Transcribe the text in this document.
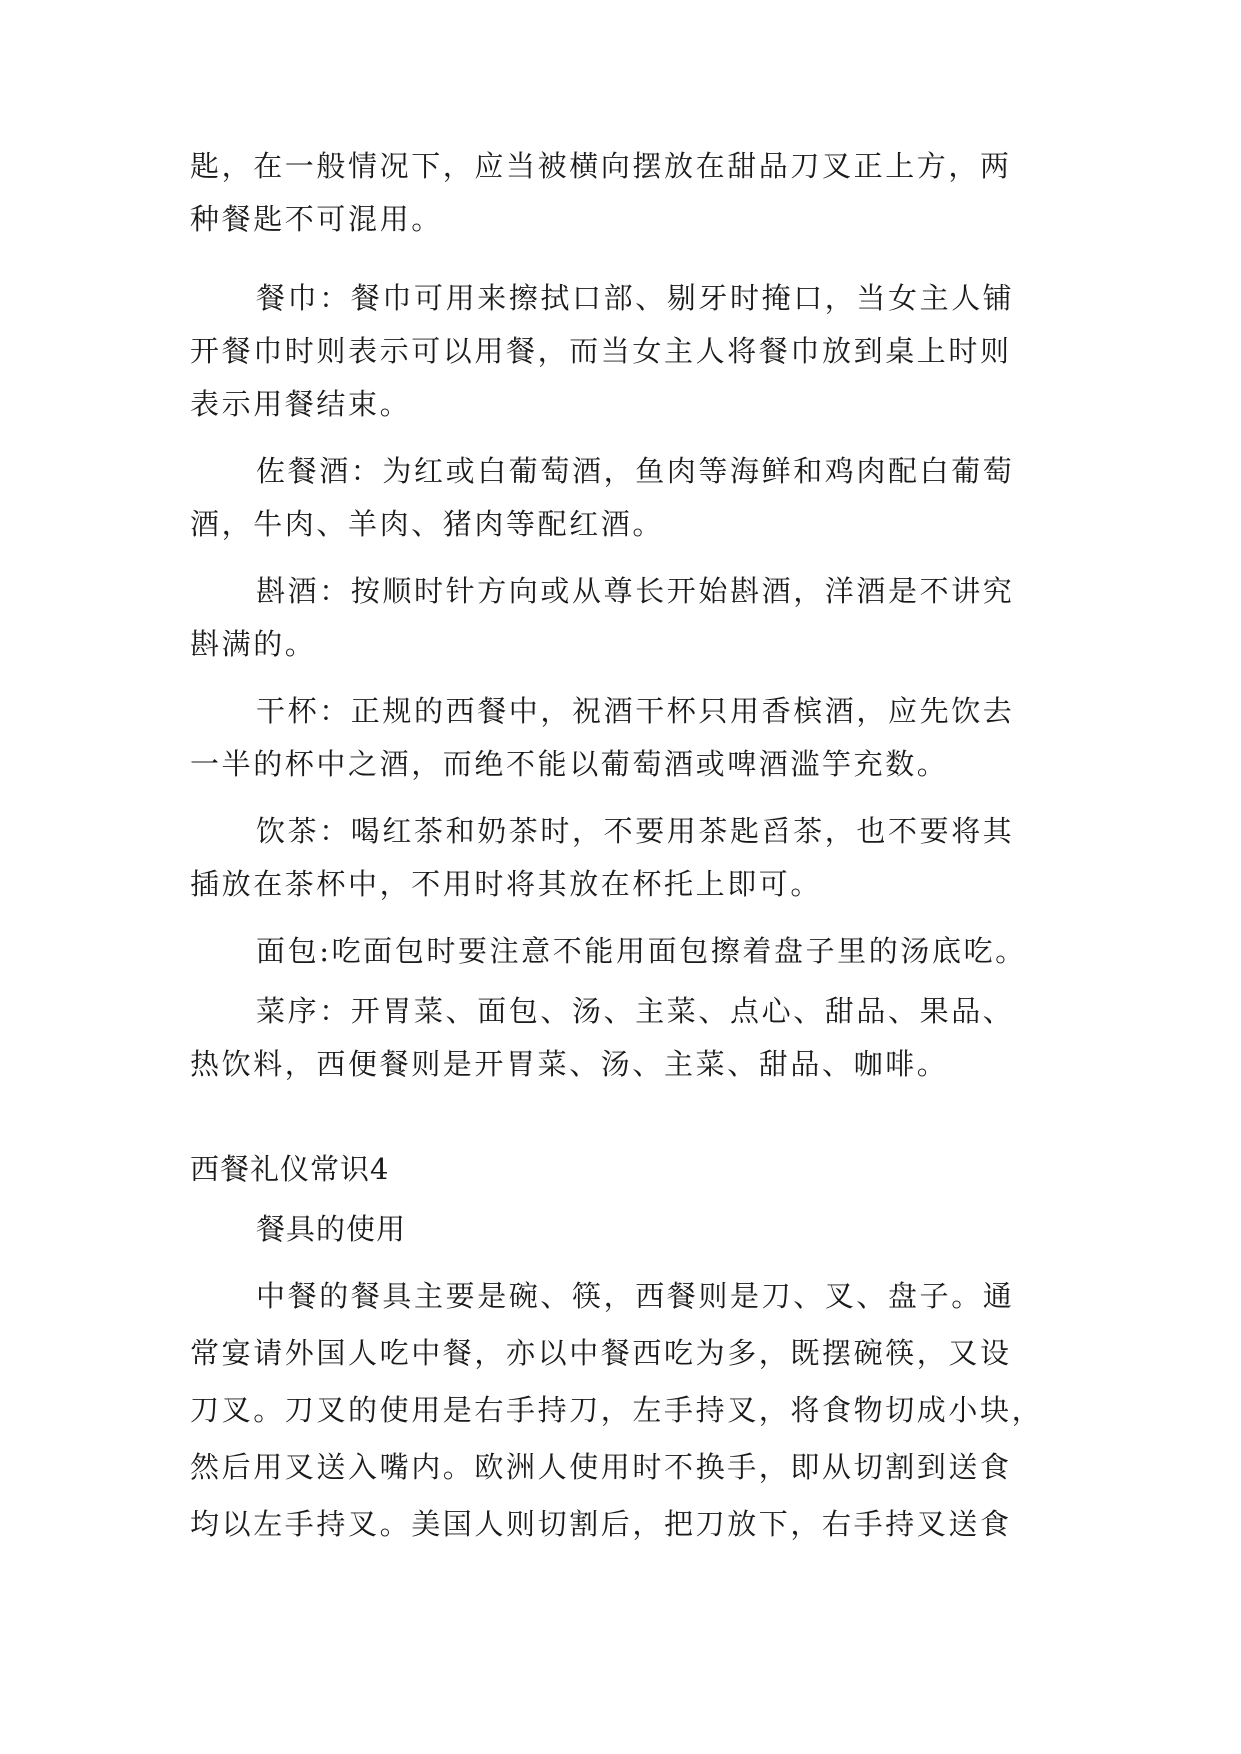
匙，在一般情况下，应当被横向摆放在甜品刀叉正上方，两
种餐匙不可混用。
餐巾：餐巾可用来擦拭口部、剔牙时掩口，当女主人铺
开餐巾时则表示可以用餐，而当女主人将餐巾放到桌上时则
表示用餐结束。
佐餐酒：为红或白葡萄酒，鱼肉等海鲜和鸡肉配白葡萄
酒，牛肉、羊肉、猪肉等配红酒。
斟酒：按顺时针方向或从尊长开始斟酒，洋酒是不讲究
斟满的。
干杯：正规的西餐中，祝酒干杯只用香槟酒，应先饮去
一半的杯中之酒，而绝不能以葡萄酒或啤酒滥竽充数。
饮茶：喝红茶和奶茶时，不要用茶匙舀茶，也不要将其
插放在茶杯中，不用时将其放在杯托上即可。
面包:吃面包时要注意不能用面包擦着盘子里的汤底吃。
菜序：开胃菜、面包、汤、主菜、点心、甜品、果品、
热饮料，西便餐则是开胃菜、汤、主菜、甜品、咖啡。
西餐礼仪常识4
餐具的使用
中餐的餐具主要是碗、筷，西餐则是刀、叉、盘子。通
常宴请外国人吃中餐，亦以中餐西吃为多，既摆碗筷，又设
刀叉。刀叉的使用是右手持刀，左手持叉，将食物切成小块，
然后用叉送入嘴内。欧洲人使用时不换手，即从切割到送食
均以左手持叉。美国人则切割后，把刀放下，右手持叉送食
